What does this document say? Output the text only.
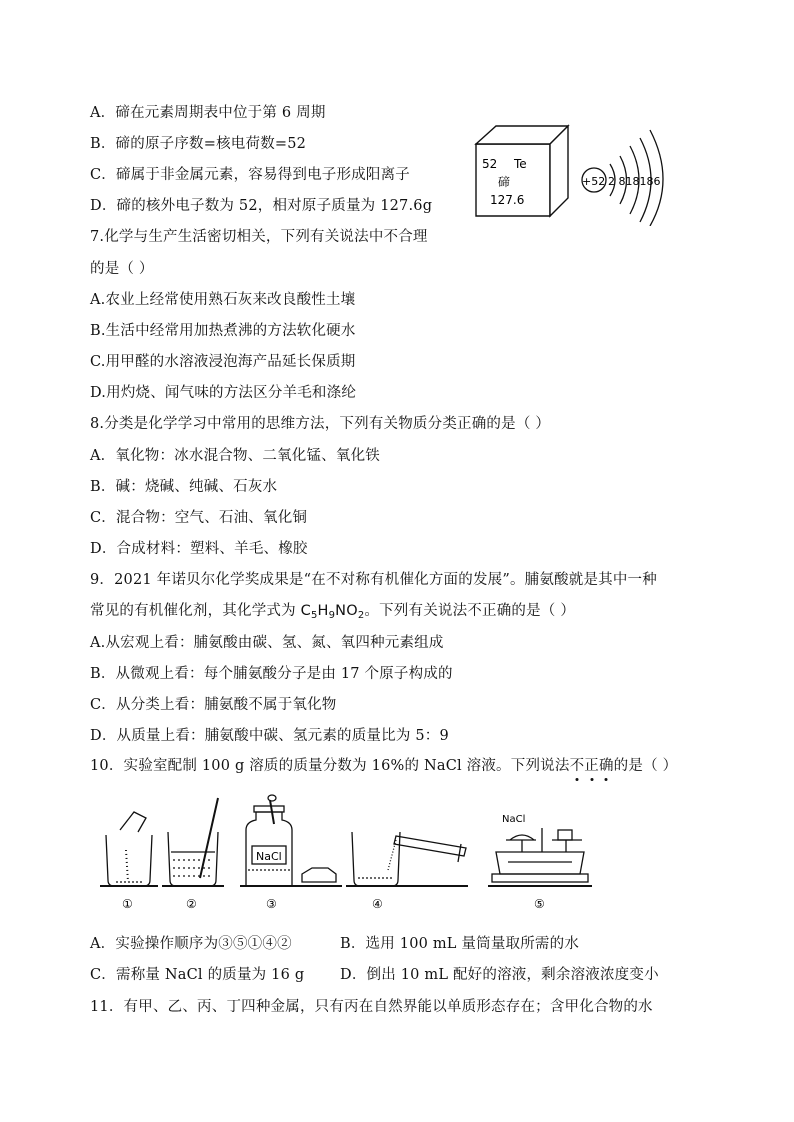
A．碲在元素周期表中位于第 6 周期
B．碲的原子序数=核电荷数=52
C．碲属于非金属元素，容易得到电子形成阳离子
D．碲的核外电子数为 52，相对原子质量为 127.6g
52 Te
碲
127.6
+52 2 818186
7.化学与生产生活密切相关，下列有关说法中不合理
的是（ ）
A.农业上经常使用熟石灰来改良酸性土壤
B.生活中经常用加热煮沸的方法软化硬水
C.用甲醛的水溶液浸泡海产品延长保质期
D.用灼烧、闻气味的方法区分羊毛和涤纶
8.分类是化学学习中常用的思维方法，下列有关物质分类正确的是（ ）
A．氧化物：冰水混合物、二氧化锰、氧化铁
B．碱：烧碱、纯碱、石灰水
C．混合物：空气、石油、氧化铜
D．合成材料：塑料、羊毛、橡胶
9．2021 年诺贝尔化学奖成果是“在不对称有机催化方面的发展”。脯氨酸就是其中一种
常见的有机催化剂，其化学式为 $C_5H_9NO_2$。下列有关说法不正确的是（ ）
A.从宏观上看：脯氨酸由碳、氢、氮、氧四种元素组成
B．从微观上看：每个脯氨酸分子是由 17 个原子构成的
C．从分类上看：脯氨酸不属于氧化物
D．从质量上看：脯氨酸中碳、氢元素的质量比为 5：9
10．实验室配制 100 g 溶质的质量分数为 16%的 NaCl 溶液。下列说法不正确的是（ ）
NaCl
NaCl
①	②	③	④	⑤
A．实验操作顺序为③⑤①④②	B．选用 100 mL 量筒量取所需的水
C．需称量 NaCl 的质量为 16 g D．倒出 10 mL 配好的溶液，剩余溶液浓度变小
11．有甲、乙、丙、丁四种金属，只有丙在自然界能以单质形态存在；含甲化合物的水
